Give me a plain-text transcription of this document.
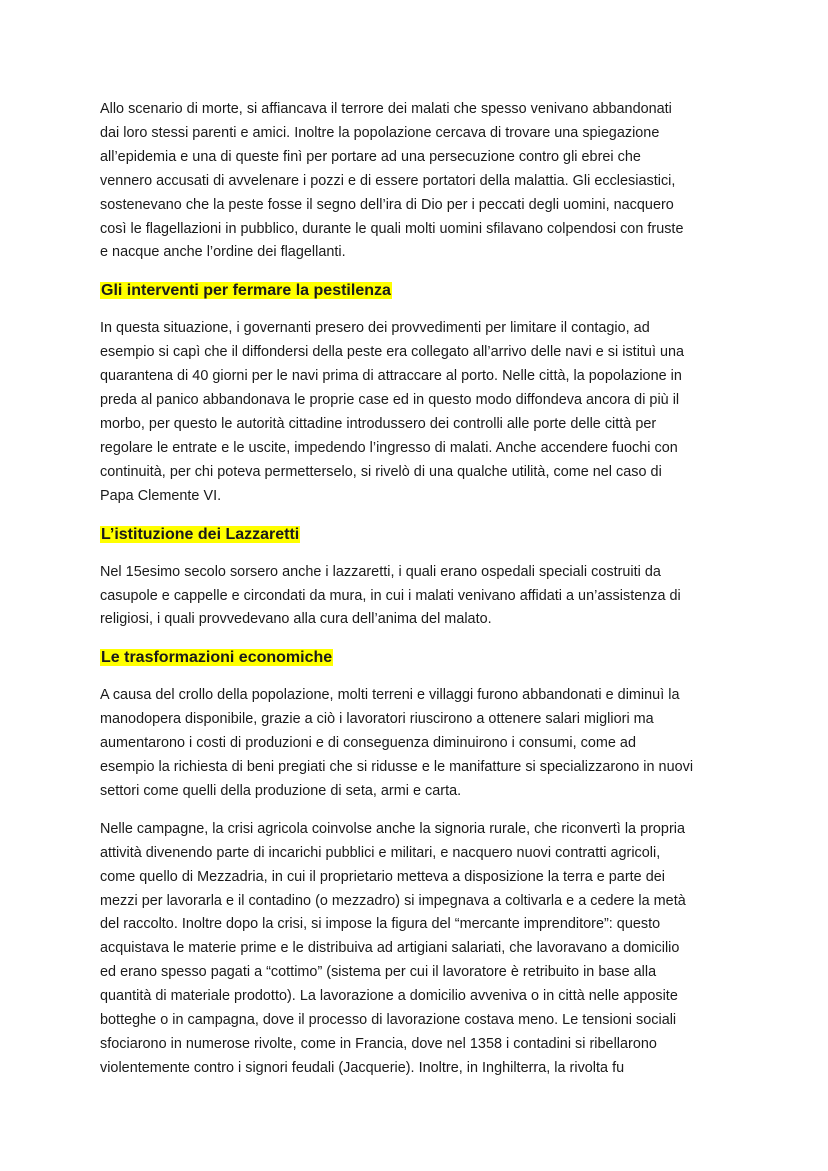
Allo scenario di morte, si affiancava il terrore dei malati che spesso venivano abbandonati
dai loro stessi parenti e amici. Inoltre la popolazione cercava di trovare una spiegazione
all’epidemia e una di queste finì per portare ad una persecuzione contro gli ebrei che
vennero accusati di avvelenare i pozzi e di essere portatori della malattia. Gli ecclesiastici,
sostenevano che la peste fosse il segno dell’ira di Dio per i peccati degli uomini, nacquero
così le flagellazioni in pubblico, durante le quali molti uomini sfilavano colpendosi con fruste
e nacque anche l’ordine dei flagellanti.

Gli interventi per fermare la pestilenza

In questa situazione, i governanti presero dei provvedimenti per limitare il contagio, ad
esempio si capì che il diffondersi della peste era collegato all’arrivo delle navi e si istituì una
quarantena di 40 giorni per le navi prima di attraccare al porto. Nelle città, la popolazione in
preda al panico abbandonava le proprie case ed in questo modo diffondeva ancora di più il
morbo, per questo le autorità cittadine introdussero dei controlli alle porte delle città per
regolare le entrate e le uscite, impedendo l’ingresso di malati. Anche accendere fuochi con
continuità, per chi poteva permetterselo, si rivelò di una qualche utilità, come nel caso di
Papa Clemente VI.

L’istituzione dei Lazzaretti

Nel 15esimo secolo sorsero anche i lazzaretti, i quali erano ospedali speciali costruiti da
casupole e cappelle e circondati da mura, in cui i malati venivano affidati a un’assistenza di
religiosi, i quali provvedevano alla cura dell’anima del malato.

Le trasformazioni economiche

A causa del crollo della popolazione, molti terreni e villaggi furono abbandonati e diminuì la
manodopera disponibile, grazie a ciò i lavoratori riuscirono a ottenere salari migliori ma
aumentarono i costi di produzioni e di conseguenza diminuirono i consumi, come ad
esempio la richiesta di beni pregiati che si ridusse e le manifatture si specializzarono in nuovi
settori come quelli della produzione di seta, armi e carta.

Nelle campagne, la crisi agricola coinvolse anche la signoria rurale, che riconvertì la propria
attività divenendo parte di incarichi pubblici e militari, e nacquero nuovi contratti agricoli,
come quello di Mezzadria, in cui il proprietario metteva a disposizione la terra e parte dei
mezzi per lavorarla e il contadino (o mezzadro) si impegnava a coltivarla e a cedere la metà
del raccolto. Inoltre dopo la crisi, si impose la figura del “mercante imprenditore”: questo
acquistava le materie prime e le distribuiva ad artigiani salariati, che lavoravano a domicilio
ed erano spesso pagati a “cottimo” (sistema per cui il lavoratore è retribuito in base alla
quantità di materiale prodotto). La lavorazione a domicilio avveniva o in città nelle apposite
botteghe o in campagna, dove il processo di lavorazione costava meno. Le tensioni sociali
sfociarono in numerose rivolte, come in Francia, dove nel 1358 i contadini si ribellarono
violentemente contro i signori feudali (Jacquerie). Inoltre, in Inghilterra, la rivolta fu
